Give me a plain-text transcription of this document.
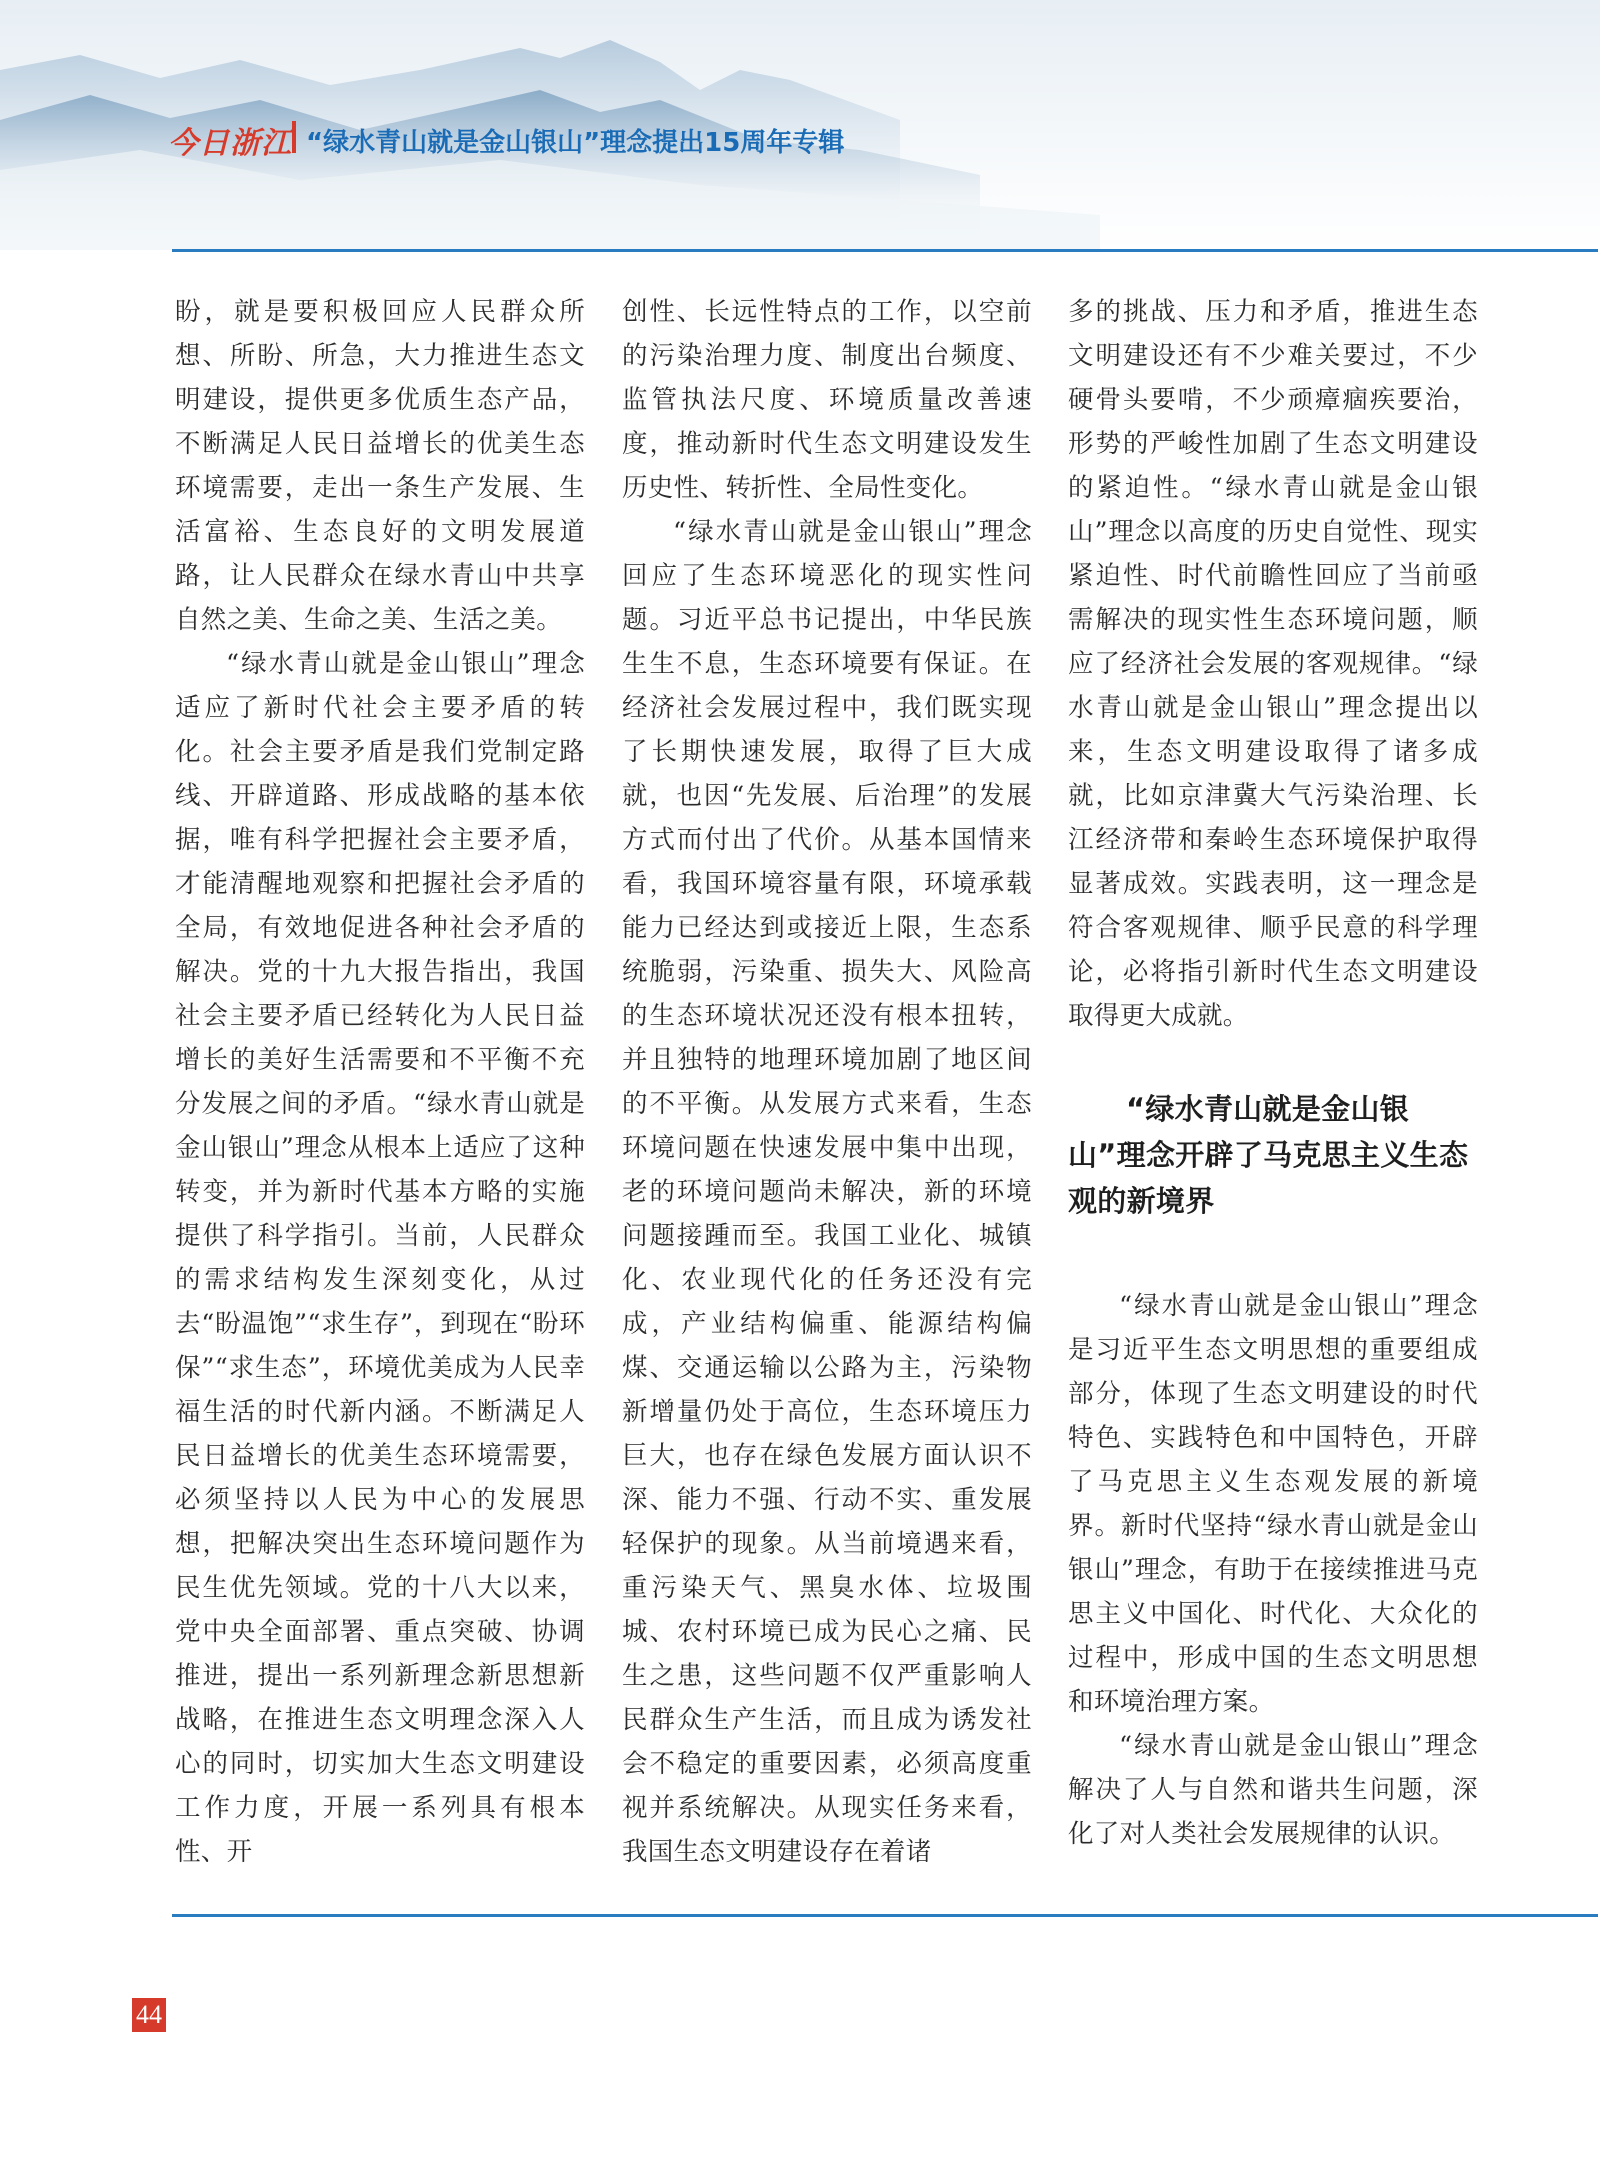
今日浙江 “绿水青山就是金山银山”理念提出15周年专辑

盼，就是要积极回应人民群众所想、所盼、所急，大力推进生态文明建设，提供更多优质生态产品，不断满足人民日益增长的优美生态环境需要，走出一条生产发展、生活富裕、生态良好的文明发展道路，让人民群众在绿水青山中共享自然之美、生命之美、生活之美。

“绿水青山就是金山银山”理念适应了新时代社会主要矛盾的转化。社会主要矛盾是我们党制定路线、开辟道路、形成战略的基本依据，唯有科学把握社会主要矛盾，才能清醒地观察和把握社会矛盾的全局，有效地促进各种社会矛盾的解决。党的十九大报告指出，我国社会主要矛盾已经转化为人民日益增长的美好生活需要和不平衡不充分发展之间的矛盾。“绿水青山就是金山银山”理念从根本上适应了这种转变，并为新时代基本方略的实施提供了科学指引。当前，人民群众的需求结构发生深刻变化，从过去“盼温饱”“求生存”，到现在“盼环保”“求生态”，环境优美成为人民幸福生活的时代新内涵。不断满足人民日益增长的优美生态环境需要，必须坚持以人民为中心的发展思想，把解决突出生态环境问题作为民生优先领域。党的十八大以来，党中央全面部署、重点突破、协调推进，提出一系列新理念新思想新战略，在推进生态文明理念深入人心的同时，切实加大生态文明建设工作力度，开展一系列具有根本性、开

创性、长远性特点的工作，以空前的污染治理力度、制度出台频度、监管执法尺度、环境质量改善速度，推动新时代生态文明建设发生历史性、转折性、全局性变化。

“绿水青山就是金山银山”理念回应了生态环境恶化的现实性问题。习近平总书记提出，中华民族生生不息，生态环境要有保证。在经济社会发展过程中，我们既实现了长期快速发展，取得了巨大成就，也因“先发展、后治理”的发展方式而付出了代价。从基本国情来看，我国环境容量有限，环境承载能力已经达到或接近上限，生态系统脆弱，污染重、损失大、风险高的生态环境状况还没有根本扭转，并且独特的地理环境加剧了地区间的不平衡。从发展方式来看，生态环境问题在快速发展中集中出现，老的环境问题尚未解决，新的环境问题接踵而至。我国工业化、城镇化、农业现代化的任务还没有完成，产业结构偏重、能源结构偏煤、交通运输以公路为主，污染物新增量仍处于高位，生态环境压力巨大，也存在绿色发展方面认识不深、能力不强、行动不实、重发展轻保护的现象。从当前境遇来看，重污染天气、黑臭水体、垃圾围城、农村环境已成为民心之痛、民生之患，这些问题不仅严重影响人民群众生产生活，而且成为诱发社会不稳定的重要因素，必须高度重视并系统解决。从现实任务来看，我国生态文明建设存在着诸

多的挑战、压力和矛盾，推进生态文明建设还有不少难关要过，不少硬骨头要啃，不少顽瘴痼疾要治，形势的严峻性加剧了生态文明建设的紧迫性。“绿水青山就是金山银山”理念以高度的历史自觉性、现实紧迫性、时代前瞻性回应了当前亟需解决的现实性生态环境问题，顺应了经济社会发展的客观规律。“绿水青山就是金山银山”理念提出以来，生态文明建设取得了诸多成就，比如京津冀大气污染治理、长江经济带和秦岭生态环境保护取得显著成效。实践表明，这一理念是符合客观规律、顺乎民意的科学理论，必将指引新时代生态文明建设取得更大成就。

“绿水青山就是金山银山”理念开辟了马克思主义生态观的新境界

“绿水青山就是金山银山”理念是习近平生态文明思想的重要组成部分，体现了生态文明建设的时代特色、实践特色和中国特色，开辟了马克思主义生态观发展的新境界。新时代坚持“绿水青山就是金山银山”理念，有助于在接续推进马克思主义中国化、时代化、大众化的过程中，形成中国的生态文明思想和环境治理方案。

“绿水青山就是金山银山”理念解决了人与自然和谐共生问题，深化了对人类社会发展规律的认识。

44
